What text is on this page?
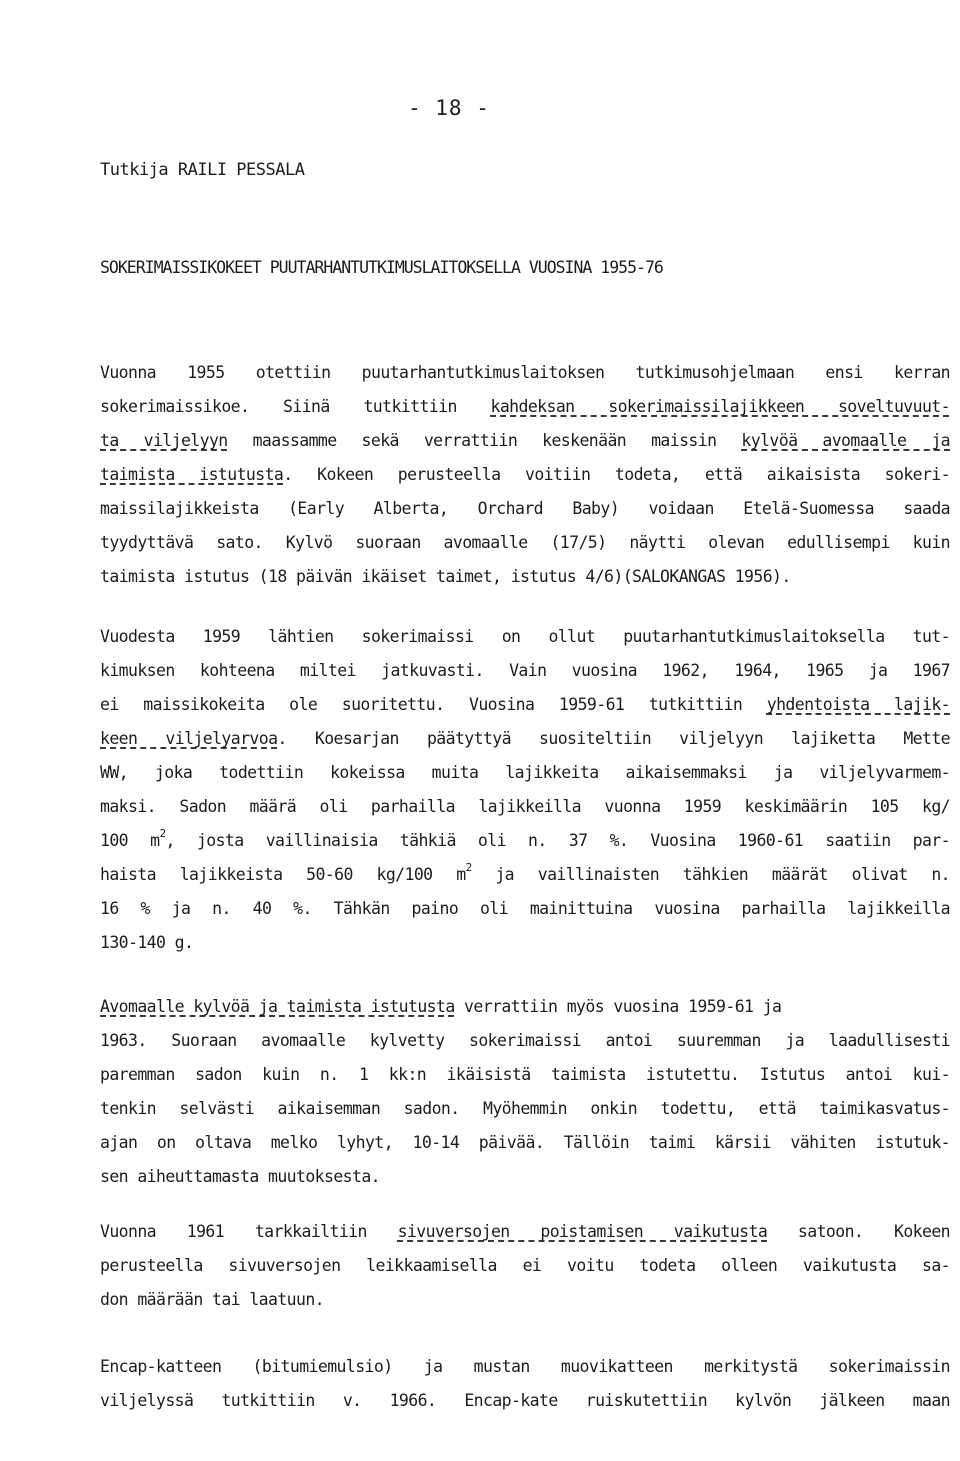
- 18 -
Tutkija RAILI PESSALA
SOKERIMAISSIKOKEET PUUTARHANTUTKIMUSLAITOKSELLA VUOSINA 1955-76
Vuonna 1955 otettiin puutarhantutkimuslaitoksen tutkimusohjelmaan ensi kerran
sokerimaissikoe. Siinä tutkittiin kahdeksan sokerimaissilajikkeen soveltuvuut-
ta viljelyyn maassamme sekä verrattiin keskenään maissin kylvöä avomaalle ja
taimista istutusta. Kokeen perusteella voitiin todeta, että aikaisista sokeri-
maissilajikkeista (Early Alberta, Orchard Baby) voidaan Etelä-Suomessa saada
tyydyttävä sato. Kylvö suoraan avomaalle (17/5) näytti olevan edullisempi kuin
taimista istutus (18 päivän ikäiset taimet, istutus 4/6)(SALOKANGAS 1956).
Vuodesta 1959 lähtien sokerimaissi on ollut puutarhantutkimuslaitoksella tut-
kimuksen kohteena miltei jatkuvasti. Vain vuosina 1962, 1964, 1965 ja 1967
ei maissikokeita ole suoritettu. Vuosina 1959-61 tutkittiin yhdentoista lajik-
keen viljelyarvoa. Koesarjan päätyttyä suositeltiin viljelyyn lajiketta Mette
WW, joka todettiin kokeissa muita lajikkeita aikaisemmaksi ja viljelyvarmem-
maksi. Sadon määrä oli parhailla lajikkeilla vuonna 1959 keskimäärin 105 kg/
100 $m^2$, josta vaillinaisia tähkiä oli n. 37 %. Vuosina 1960-61 saatiin par-
haista lajikkeista 50-60 kg/100 $m^2$ ja vaillinaisten tähkien määrät olivat n.
16 % ja n. 40 %. Tähkän paino oli mainittuina vuosina parhailla lajikkeilla
130-140 g.
Avomaalle kylvöä ja taimista istutusta verrattiin myös vuosina 1959-61 ja
1963. Suoraan avomaalle kylvetty sokerimaissi antoi suuremman ja laadullisesti
paremman sadon kuin n. 1 kk:n ikäisistä taimista istutettu. Istutus antoi kui-
tenkin selvästi aikaisemman sadon. Myöhemmin onkin todettu, että taimikasvatus-
ajan on oltava melko lyhyt, 10-14 päivää. Tällöin taimi kärsii vähiten istutuk-
sen aiheuttamasta muutoksesta.
Vuonna 1961 tarkkailtiin sivuversojen poistamisen vaikutusta satoon. Kokeen
perusteella sivuversojen leikkaamisella ei voitu todeta olleen vaikutusta sa-
don määrään tai laatuun.
Encap-katteen (bitumiemulsio) ja mustan muovikatteen merkitystä sokerimaissin
viljelyssä tutkittiin v. 1966. Encap-kate ruiskutettiin kylvön jälkeen maan
